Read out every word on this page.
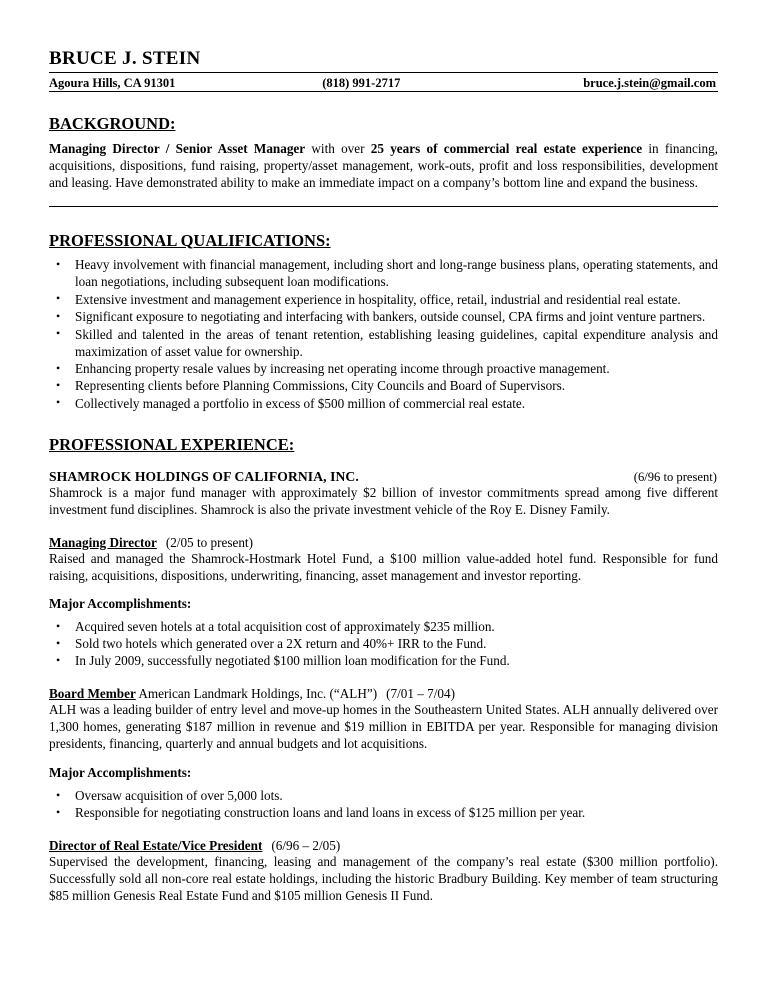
BRUCE J. STEIN
Agoura Hills, CA 91301	(818) 991-2717	bruce.j.stein@gmail.com
BACKGROUND:

Managing Director / Senior Asset Manager with over 25 years of commercial real estate experience in financing, acquisitions, dispositions, fund raising, property/asset management, work-outs, profit and loss responsibilities, development and leasing. Have demonstrated ability to make an immediate impact on a company’s bottom line and expand the business.

PROFESSIONAL QUALIFICATIONS:
• Heavy involvement with financial management, including short and long-range business plans, operating statements, and loan negotiations, including subsequent loan modifications.
• Extensive investment and management experience in hospitality, office, retail, industrial and residential real estate.
• Significant exposure to negotiating and interfacing with bankers, outside counsel, CPA firms and joint venture partners.
• Skilled and talented in the areas of tenant retention, establishing leasing guidelines, capital expenditure analysis and maximization of asset value for ownership.
• Enhancing property resale values by increasing net operating income through proactive management.
• Representing clients before Planning Commissions, City Councils and Board of Supervisors.
• Collectively managed a portfolio in excess of $500 million of commercial real estate.
PROFESSIONAL EXPERIENCE:
SHAMROCK HOLDINGS OF CALIFORNIA, INC.	(6/96 to present)

Shamrock is a major fund manager with approximately $2 billion of investor commitments spread among five different investment fund disciplines. Shamrock is also the private investment vehicle of the Roy E. Disney Family.

Managing Director (2/05 to present)

Raised and managed the Shamrock-Hostmark Hotel Fund, a $100 million value-added hotel fund. Responsible for fund raising, acquisitions, dispositions, underwriting, financing, asset management and investor reporting.

Major Accomplishments:
• Acquired seven hotels at a total acquisition cost of approximately $235 million.
• Sold two hotels which generated over a 2X return and 40%+ IRR to the Fund.
• In July 2009, successfully negotiated $100 million loan modification for the Fund.
Board Member American Landmark Holdings, Inc. (“ALH”) (7/01 – 7/04)

ALH was a leading builder of entry level and move-up homes in the Southeastern United States. ALH annually delivered over 1,300 homes, generating $187 million in revenue and $19 million in EBITDA per year. Responsible for managing division presidents, financing, quarterly and annual budgets and lot acquisitions.

Major Accomplishments:
• Oversaw acquisition of over 5,000 lots.
• Responsible for negotiating construction loans and land loans in excess of $125 million per year.
Director of Real Estate/Vice President (6/96 – 2/05)

Supervised the development, financing, leasing and management of the company’s real estate ($300 million portfolio). Successfully sold all non-core real estate holdings, including the historic Bradbury Building. Key member of team structuring $85 million Genesis Real Estate Fund and $105 million Genesis II Fund.
